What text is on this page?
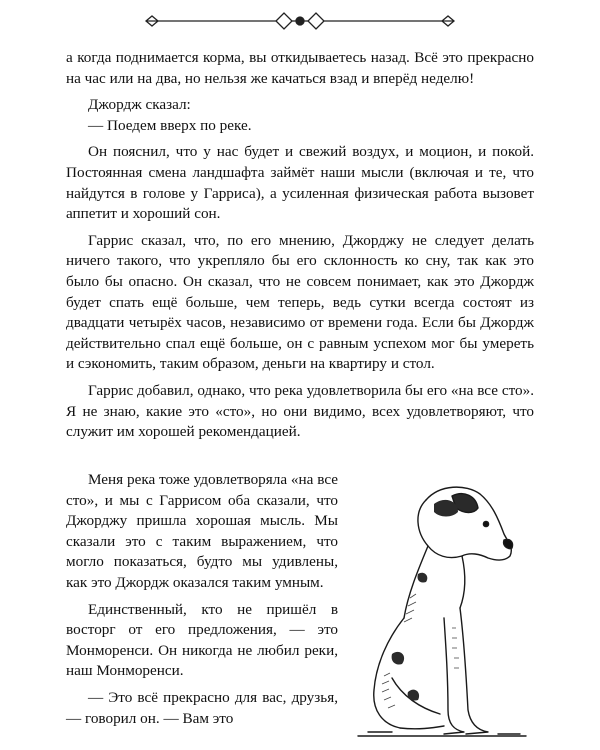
а когда поднимается корма, вы откидываетесь назад. Всё это прекрасно на час или на два, но нельзя же качаться взад и вперёд неделю!

Джордж сказал:

— Поедем вверх по реке.

Он пояснил, что у нас будет и свежий воздух, и моцион, и покой. Постоянная смена ландшафта займёт наши мысли (включая и те, что найдутся в голове у Гарриса), а усиленная физическая работа вызовет аппетит и хороший сон.

Гаррис сказал, что, по его мнению, Джорджу не следует делать ничего такого, что укрепляло бы его склонность ко сну, так как это было бы опасно. Он сказал, что не совсем понимает, как это Джордж будет спать ещё больше, чем теперь, ведь сутки всегда состоят из двадцати четырёх часов, независимо от времени года. Если бы Джордж действительно спал ещё больше, он с равным успехом мог бы умереть и сэкономить, таким образом, деньги на квартиру и стол.

Гаррис добавил, однако, что река удовлетворила бы его «на все сто». Я не знаю, какие это «сто», но они видимо, всех удовлетворяют, что служит им хорошей рекомендацией.

Меня река тоже удовлетворяла «на все сто», и мы с Гаррисом оба сказали, что Джорджу пришла хорошая мысль. Мы сказали это с таким выражением, что могло показаться, будто мы удивлены, как это Джордж оказался таким умным.

Единственный, кто не пришёл в восторг от его предложения, — это Монморенси. Он никогда не любил реки, наш Монморенси.

— Это всё прекрасно для вас, друзья, — говорил он. — Вам это
